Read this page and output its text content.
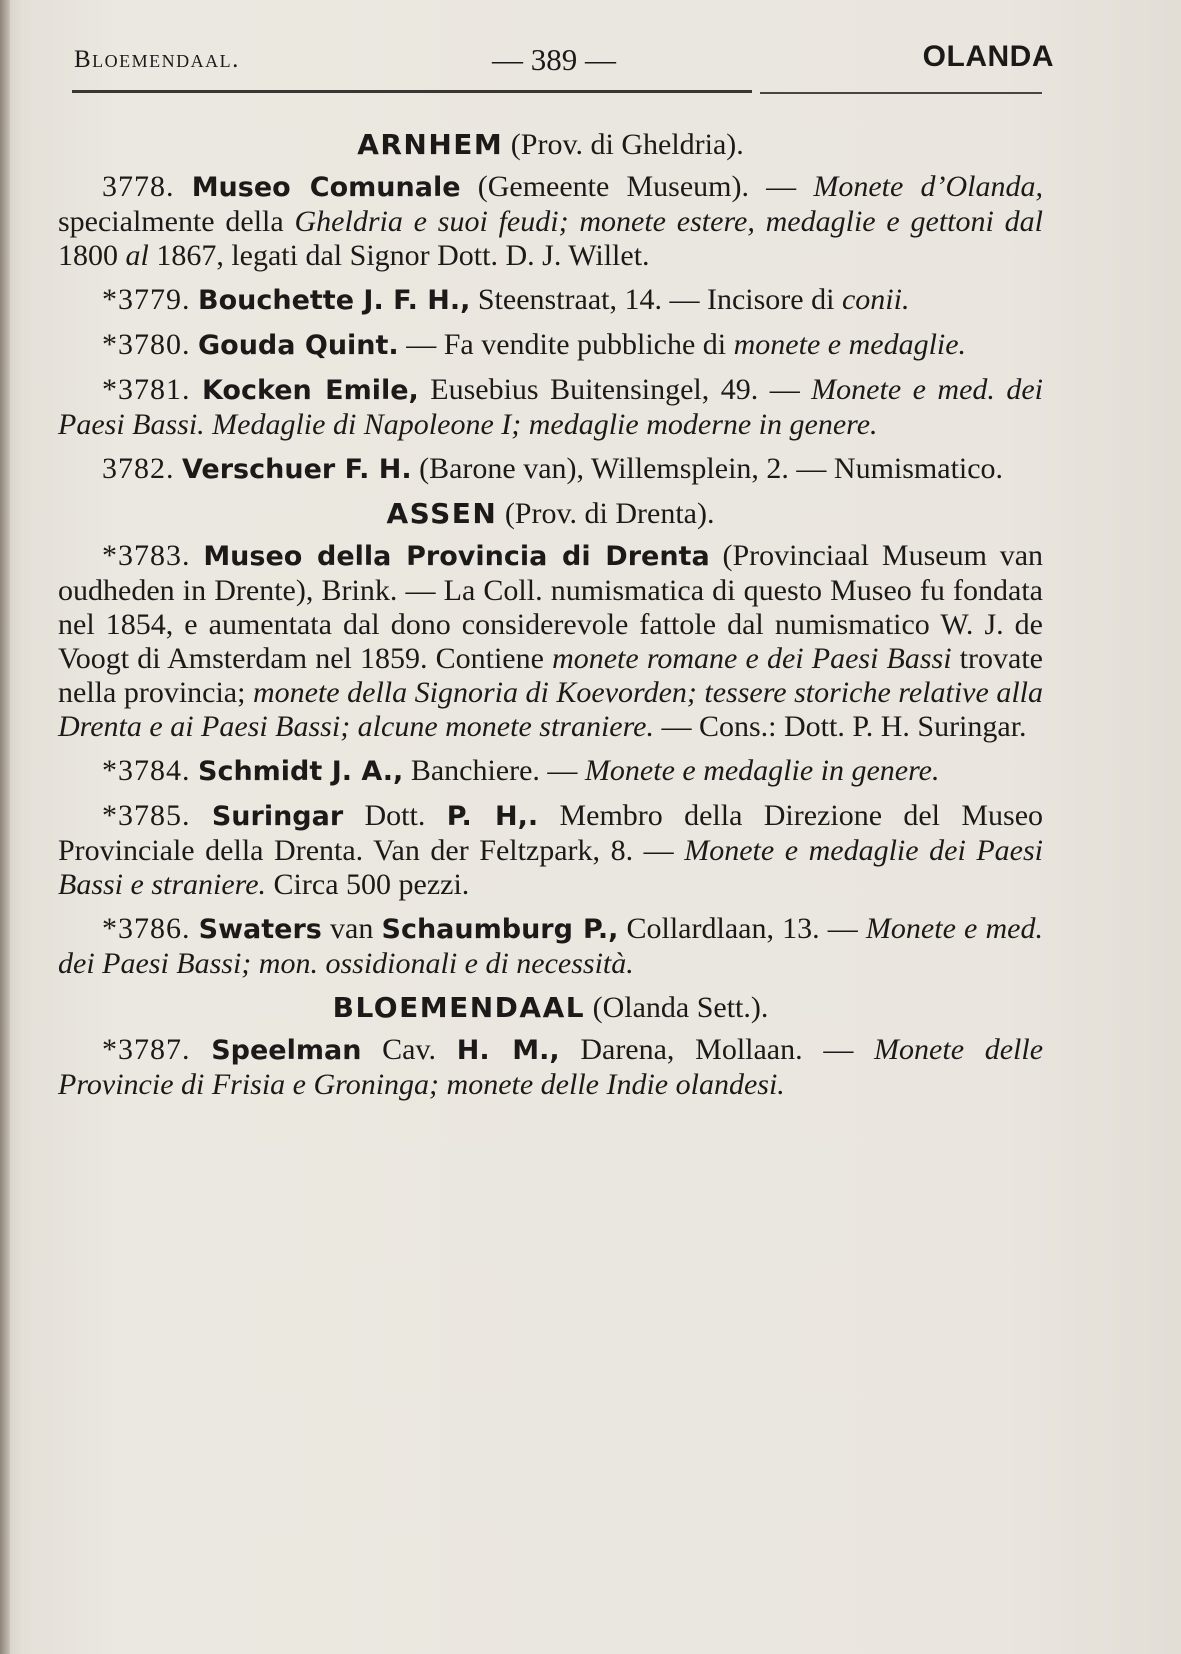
Bloemendaal.	— 389 —	OLANDA
ARNHEM (Prov. di Gheldria).

3778. Museo Comunale (Gemeente Museum). — Monete d’Olanda, specialmente della Gheldria e suoi feudi; monete estere, medaglie e gettoni dal 1800 al 1867, legati dal Signor Dott. D. J. Willet.

*3779. Bouchette J. F. H., Steenstraat, 14. — Incisore di conii.

*3780. Gouda Quint. — Fa vendite pubbliche di monete e medaglie.

*3781. Kocken Emile, Eusebius Buitensingel, 49. — Monete e med. dei Paesi Bassi. Medaglie di Napoleone I; medaglie moderne in genere.

3782. Verschuer F. H. (Barone van), Willemsplein, 2. — Numismatico.

ASSEN (Prov. di Drenta).

*3783. Museo della Provincia di Drenta (Provinciaal Museum van oudheden in Drente), Brink. — La Coll. numismatica di questo Museo fu fondata nel 1854, e aumentata dal dono considerevole fattole dal numismatico W. J. de Voogt di Amsterdam nel 1859. Contiene monete romane e dei Paesi Bassi trovate nella provincia; monete della Signoria di Koevorden; tessere storiche relative alla Drenta e ai Paesi Bassi; alcune monete straniere. — Cons.: Dott. P. H. Suringar.

*3784. Schmidt J. A., Banchiere. — Monete e medaglie in genere.

*3785. Suringar Dott. P. H,. Membro della Direzione del Museo Provinciale della Drenta. Van der Feltzpark, 8. — Monete e medaglie dei Paesi Bassi e straniere. Circa 500 pezzi.

*3786. Swaters van Schaumburg P., Collardlaan, 13. — Monete e med. dei Paesi Bassi; mon. ossidionali e di necessità.

BLOEMENDAAL (Olanda Sett.).

*3787. Speelman Cav. H. M., Darena, Mollaan. — Monete delle Provincie di Frisia e Groninga; monete delle Indie olandesi.
